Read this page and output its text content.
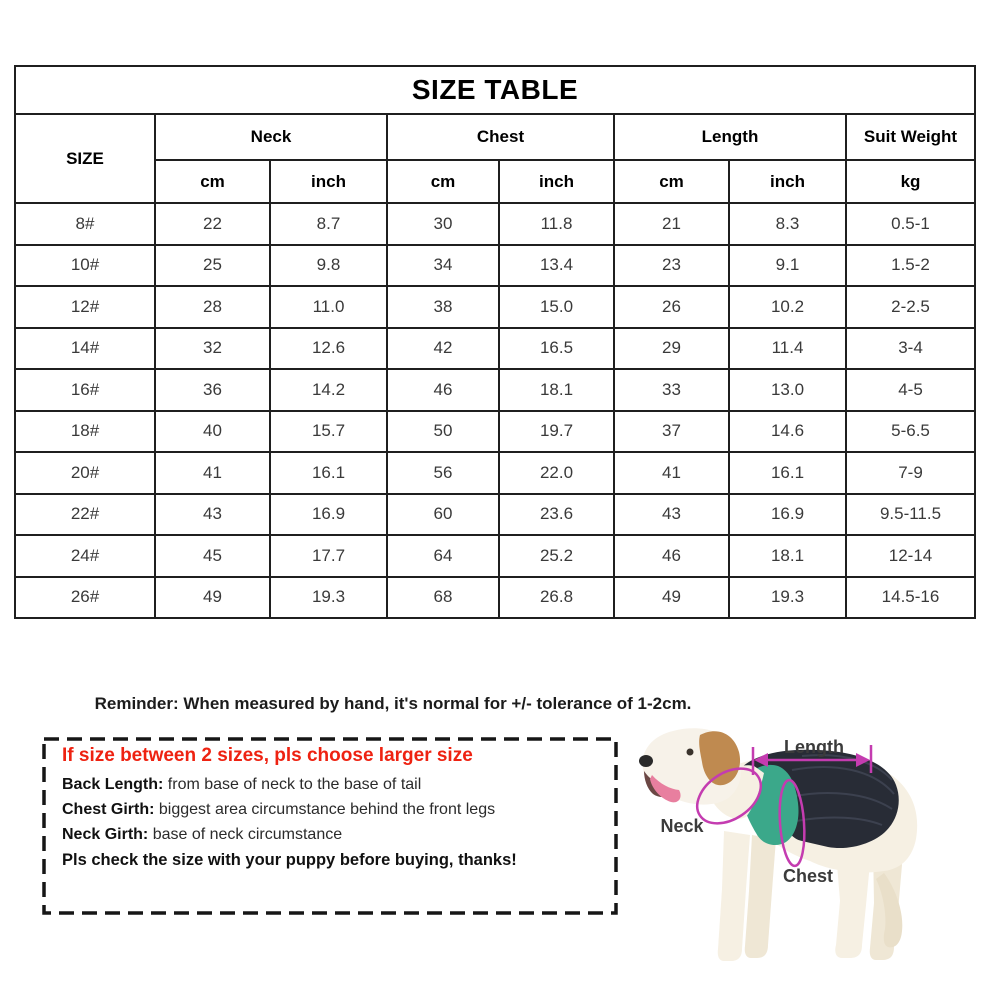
SIZE TABLE							
SIZE	Neck		Chest		Length		Suit Weight
	cm	inch	cm	inch	cm	inch	kg
8#	22	8.7	30	11.8	21	8.3	0.5-1
10#	25	9.8	34	13.4	23	9.1	1.5-2
12#	28	11.0	38	15.0	26	10.2	2-2.5
14#	32	12.6	42	16.5	29	11.4	3-4
16#	36	14.2	46	18.1	33	13.0	4-5
18#	40	15.7	50	19.7	37	14.6	5-6.5
20#	41	16.1	56	22.0	41	16.1	7-9
22#	43	16.9	60	23.6	43	16.9	9.5-11.5
24#	45	17.7	64	25.2	46	18.1	12-14
26#	49	19.3	68	26.8	49	19.3	14.5-16

Reminder: When measured by hand, it's normal for +/- tolerance of 1-2cm.

If size between 2 sizes, pls choose larger size

Back Length: from base of neck to the base of tail

Chest Girth: biggest area circumstance behind the front legs

Neck Girth: base of neck circumstance

Pls check the size with your puppy before buying, thanks!

Length
Neck
Chest
